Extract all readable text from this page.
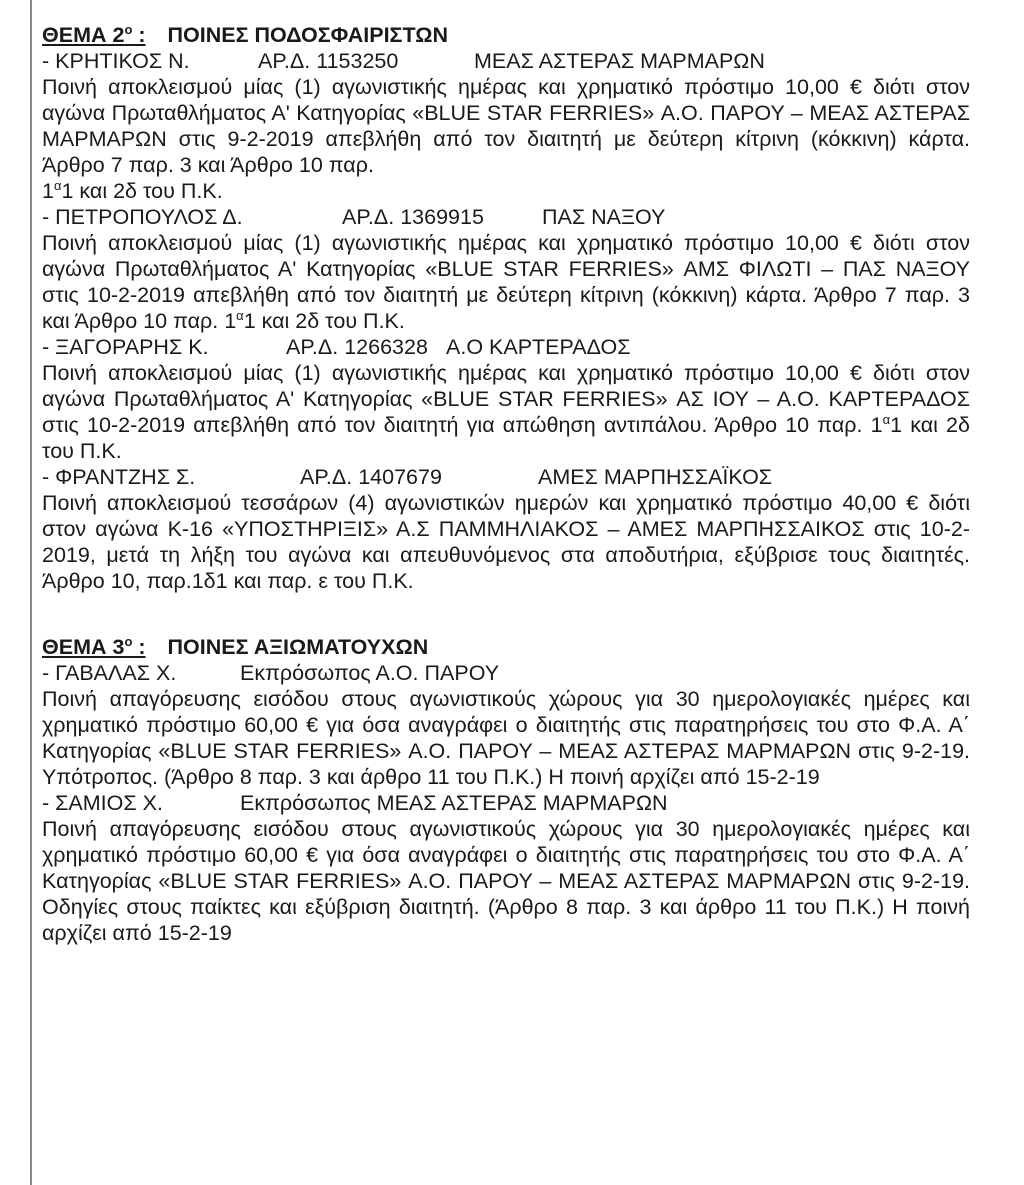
ΘΕΜΑ $2^o$ : ΠΟΙΝΕΣ ΠΟΔΟΣΦΑΙΡΙΣΤΩΝ
- ΚΡΗΤΙΚΟΣ Ν.	ΑΡ.Δ. 1153250	ΜΕΑΣ ΑΣΤΕΡΑΣ ΜΑΡΜΑΡΩΝ
Ποινή αποκλεισμού μίας (1) αγωνιστικής ημέρας και χρηματικό πρόστιμο 10,00 € διότι στον αγώνα Πρωταθλήματος Α' Κατηγορίας «BLUE STAR FERRIES» Α.Ο. ΠΑΡΟΥ – ΜΕΑΣ ΑΣΤΕΡΑΣ ΜΑΡΜΑΡΩΝ στις 9-2-2019 απεβλήθη από τον διαιτητή με δεύτερη κίτρινη (κόκκινη) κάρτα. Άρθρο 7 παρ. 3 και Άρθρο 10 παρ.
$1^\alpha 1$ και 2δ του Π.Κ.
- ΠΕΤΡΟΠΟΥΛΟΣ Δ.	ΑΡ.Δ. 1369915	ΠΑΣ ΝΑΞΟΥ
Ποινή αποκλεισμού μίας (1) αγωνιστικής ημέρας και χρηματικό πρόστιμο 10,00 € διότι στον αγώνα Πρωταθλήματος Α' Κατηγορίας «BLUE STAR FERRIES» ΑΜΣ ΦΙΛΩΤΙ – ΠΑΣ ΝΑΞΟΥ στις 10-2-2019 απεβλήθη από τον διαιτητή με δεύτερη κίτρινη (κόκκινη) κάρτα. Άρθρο 7 παρ. 3 και Άρθρο 10 παρ. $1^\alpha 1$ και 2δ του Π.Κ.
- ΞΑΓΟΡΑΡΗΣ Κ.	ΑΡ.Δ. 1266328 Α.Ο ΚΑΡΤΕΡΑΔΟΣ
Ποινή αποκλεισμού μίας (1) αγωνιστικής ημέρας και χρηματικό πρόστιμο 10,00 € διότι στον αγώνα Πρωταθλήματος Α' Κατηγορίας «BLUE STAR FERRIES» ΑΣ ΙΟΥ – Α.Ο. ΚΑΡΤΕΡΑΔΟΣ στις 10-2-2019 απεβλήθη από τον διαιτητή για απώθηση αντιπάλου. Άρθρο 10 παρ. $1^\alpha 1$ και 2δ του Π.Κ.
- ΦΡΑΝΤΖΗΣ Σ.	ΑΡ.Δ. 1407679	ΑΜΕΣ ΜΑΡΠΗΣΣΑΪΚΟΣ
Ποινή αποκλεισμού τεσσάρων (4) αγωνιστικών ημερών και χρηματικό πρόστιμο 40,00 € διότι στον αγώνα Κ-16 «ΥΠΟΣΤΗΡΙΞΙΣ» Α.Σ ΠΑΜΜΗΛΙΑΚΟΣ – ΑΜΕΣ ΜΑΡΠΗΣΣΑΙΚΟΣ στις 10-2-2019, μετά τη λήξη του αγώνα και απευθυνόμενος στα αποδυτήρια, εξύβρισε τους διαιτητές. Άρθρο 10, παρ.1δ1 και παρ. ε του Π.Κ.
ΘΕΜΑ $3^o$ : ΠΟΙΝΕΣ ΑΞΙΩΜΑΤΟΥΧΩΝ
- ΓΑΒΑΛΑΣ Χ.	Εκπρόσωπος Α.Ο. ΠΑΡΟΥ
Ποινή απαγόρευσης εισόδου στους αγωνιστικούς χώρους για 30 ημερολογιακές ημέρες και χρηματικό πρόστιμο 60,00 € για όσα αναγράφει ο διαιτητής στις παρατηρήσεις του στο Φ.Α. Α΄ Κατηγορίας «BLUE STAR FERRIES» Α.Ο. ΠΑΡΟΥ – ΜΕΑΣ ΑΣΤΕΡΑΣ ΜΑΡΜΑΡΩΝ στις 9-2-19. Υπότροπος. (Άρθρο 8 παρ. 3 και άρθρο 11 του Π.Κ.) Η ποινή αρχίζει από 15-2-19
- ΣΑΜΙΟΣ Χ.	Εκπρόσωπος ΜΕΑΣ ΑΣΤΕΡΑΣ ΜΑΡΜΑΡΩΝ
Ποινή απαγόρευσης εισόδου στους αγωνιστικούς χώρους για 30 ημερολογιακές ημέρες και χρηματικό πρόστιμο 60,00 € για όσα αναγράφει ο διαιτητής στις παρατηρήσεις του στο Φ.Α. Α΄ Κατηγορίας «BLUE STAR FERRIES» Α.Ο. ΠΑΡΟΥ – ΜΕΑΣ ΑΣΤΕΡΑΣ ΜΑΡΜΑΡΩΝ στις 9-2-19. Οδηγίες στους παίκτες και εξύβριση διαιτητή. (Άρθρο 8 παρ. 3 και άρθρο 11 του Π.Κ.) Η ποινή αρχίζει από 15-2-19
